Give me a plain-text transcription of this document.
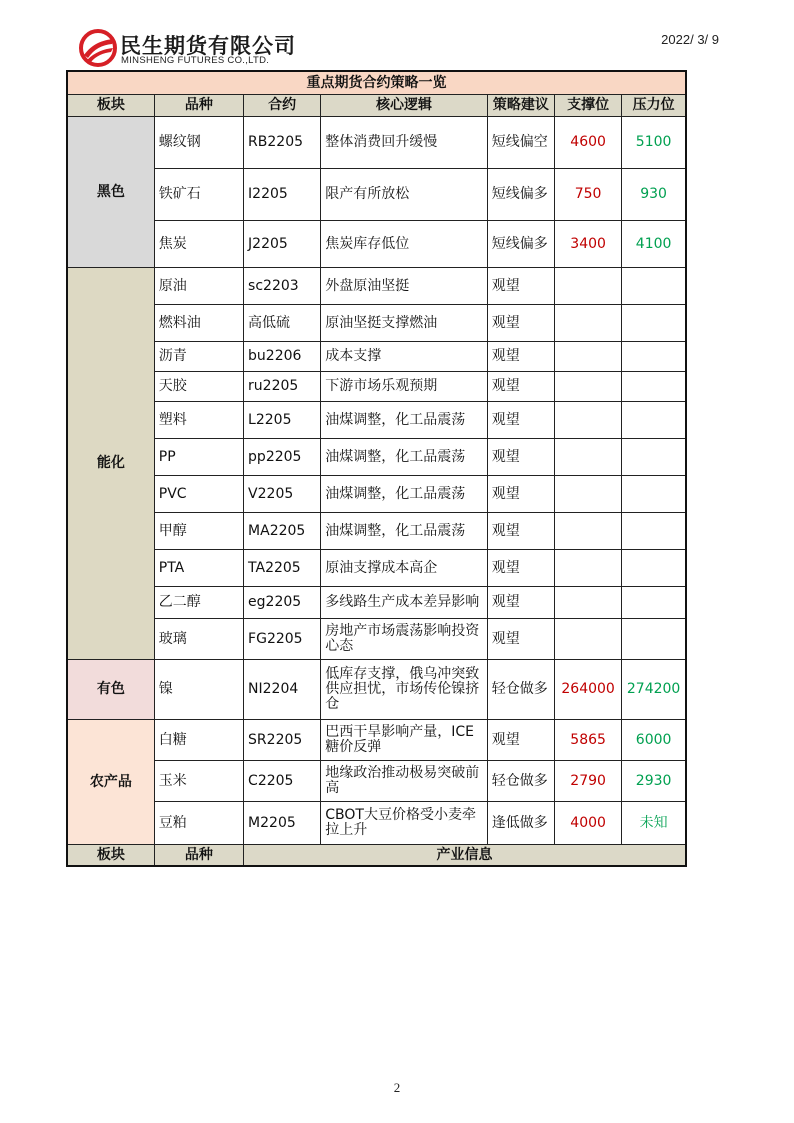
民生期货有限公司
MINSHENG FUTURES CO.,LTD.
2022/ 3/ 9
重点期货合约策略一览						
板块	品种	合约	核心逻辑	策略建议	支撑位	压力位
黑色	螺纹钢	RB2205	整体消费回升缓慢	短线偏空	4600	5100
	铁矿石	I2205	限产有所放松	短线偏多	750	930
	焦炭	J2205	焦炭库存低位	短线偏多	3400	4100
能化	原油	sc2203	外盘原油坚挺	观望		
	燃料油	高低硫	原油坚挺支撑燃油	观望		
	沥青	bu2206	成本支撑	观望		
	天胶	ru2205	下游市场乐观预期	观望		
	塑料	L2205	油煤调整，化工品震荡	观望		
	PP	pp2205	油煤调整，化工品震荡	观望		
	PVC	V2205	油煤调整，化工品震荡	观望		
	甲醇	MA2205	油煤调整，化工品震荡	观望		
	PTA	TA2205	原油支撑成本高企	观望		
	乙二醇	eg2205	多线路生产成本差异影响	观望		
	玻璃	FG2205	房地产市场震荡影响投资心态	观望		
有色	镍	NI2204	低库存支撑，俄乌冲突致供应担忧，市场传伦镍挤仓	轻仓做多	264000	274200
农产品	白糖	SR2205	巴西干旱影响产量，ICE糖价反弹	观望	5865	6000
	玉米	C2205	地缘政治推动极易突破前高	轻仓做多	2790	2930
	豆粕	M2205	CBOT大豆价格受小麦牵拉上升	逢低做多	4000	未知
板块	品种	产业信息				
2
